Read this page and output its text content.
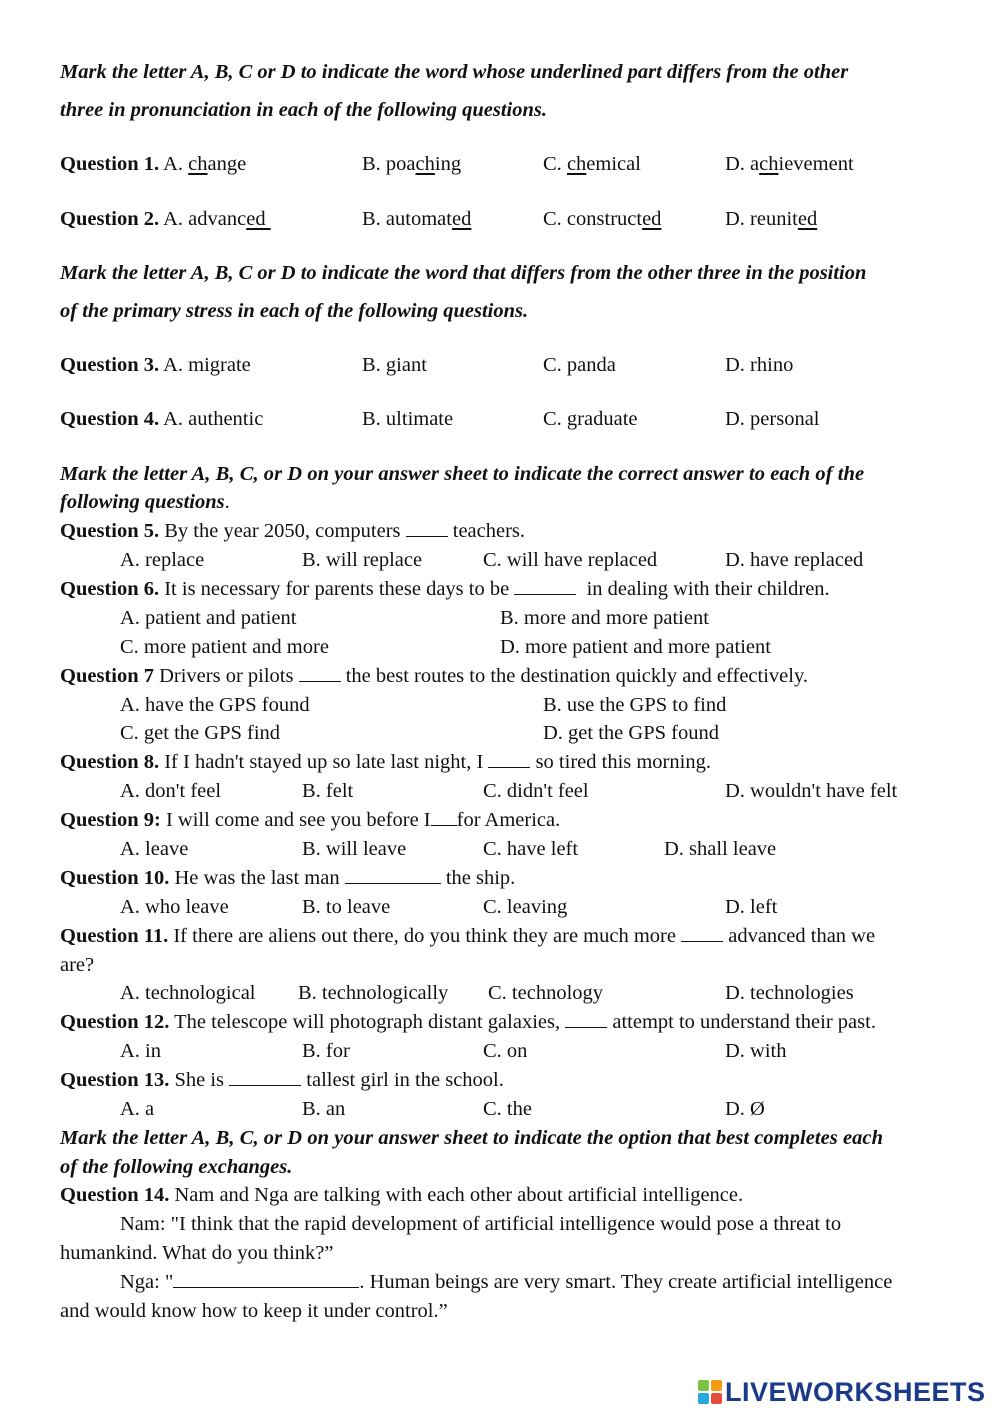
Mark the letter A, B, C or D to indicate the word whose underlined part differs from the other
three in pronunciation in each of the following questions.
Question 1. A. change	B. poaching	C. chemical	D. achievement
Question 2. A. advanced	B. automated	C. constructed	D. reunited
Mark the letter A, B, C or D to indicate the word that differs from the other three in the position
of the primary stress in each of the following questions.
Question 3. A. migrate	B. giant	C. panda	D. rhino
Question 4. A. authentic	B. ultimate	C. graduate	D. personal
Mark the letter A, B, C, or D on your answer sheet to indicate the correct answer to each of the
following questions.
Question 5. By the year 2050, computers	teachers.
A. replace	B. will replace	C. will have replaced	D. have replaced
Question 6. It is necessary for parents these days to be	in dealing with their children.
A. patient and patient	B. more and more patient
C. more patient and more	D. more patient and more patient
Question 7 Drivers or pilots	the best routes to the destination quickly and effectively.
A. have the GPS found	B. use the GPS to find
C. get the GPS find	D. get the GPS found
Question 8. If I hadn't stayed up so late last night, I	so tired this morning.
A. don't feel	B. felt	C. didn't feel	D. wouldn't have felt
Question 9: I will come and see you before I for America.
A. leave	B. will leave	C. have left	D. shall leave
Question 10. He was the last man	the ship.
A. who leave	B. to leave	C. leaving	D. left
Question 11. If there are aliens out there, do you think they are much more	advanced than we
are?
A. technological B. technologically C. technology	D. technologies
Question 12. The telescope will photograph distant galaxies,	attempt to understand their past.
A. in	B. for	C. on	D. with
Question 13. She is	tallest girl in the school.
A. a	B. an	C. the	D. Ø
Mark the letter A, B, C, or D on your answer sheet to indicate the option that best completes each
of the following exchanges.
Question 14. Nam and Nga are talking with each other about artificial intelligence.
Nam: "I think that the rapid development of artificial intelligence would pose a threat to
humankind. What do you think?”
Nga: "	. Human beings are very smart. They create artificial intelligence
and would know how to keep it under control.”
LIVEWORKSHEETS
